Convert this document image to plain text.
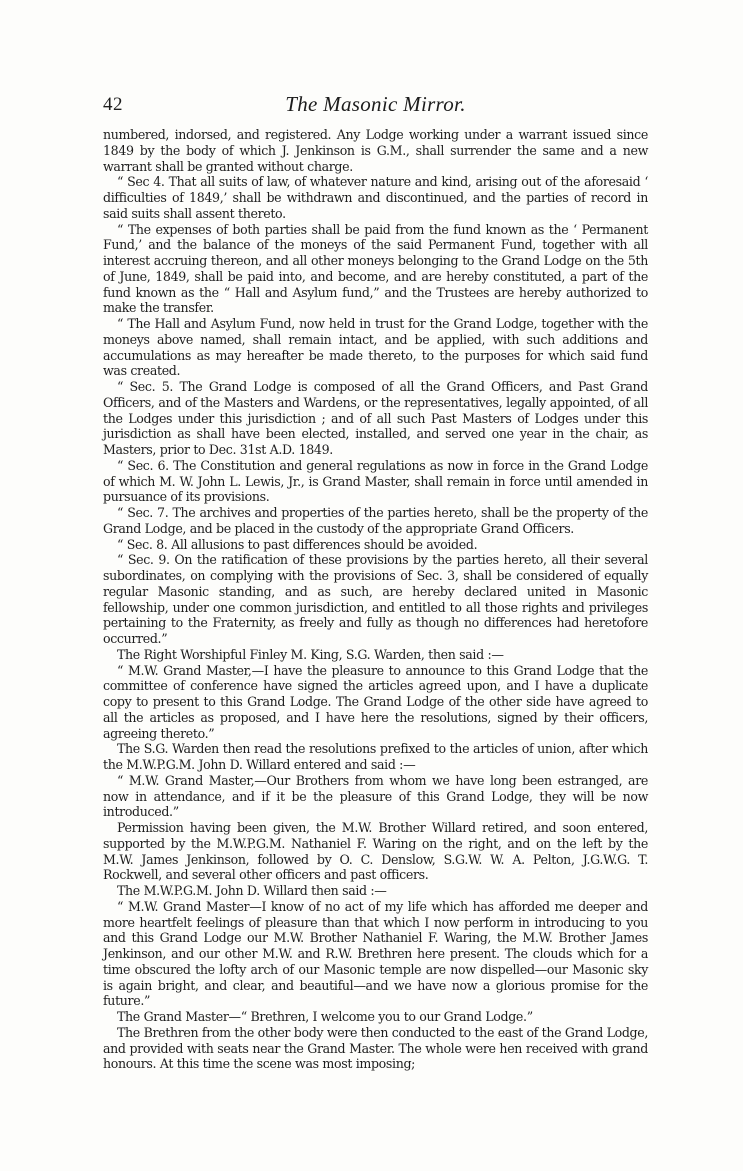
42	The Masonic Mirror.

numbered, indorsed, and registered. Any Lodge working under a warrant issued since 1849 by the body of which J. Jenkinson is G.M., shall surrender the same and a new warrant shall be granted without charge.

“ Sec 4. That all suits of law, of whatever nature and kind, arising out of the aforesaid ‘ difficulties of 1849,’ shall be withdrawn and discontinued, and the parties of record in said suits shall assent thereto.

“ The expenses of both parties shall be paid from the fund known as the ‘ Permanent Fund,’ and the balance of the moneys of the said Permanent Fund, together with all interest accruing thereon, and all other moneys belonging to the Grand Lodge on the 5th of June, 1849, shall be paid into, and become, and are hereby constituted, a part of the fund known as the “ Hall and Asylum fund,” and the Trustees are hereby authorized to make the transfer.

“ The Hall and Asylum Fund, now held in trust for the Grand Lodge, together with the moneys above named, shall remain intact, and be applied, with such additions and accumulations as may hereafter be made thereto, to the purposes for which said fund was created.

“ Sec. 5. The Grand Lodge is composed of all the Grand Officers, and Past Grand Officers, and of the Masters and Wardens, or the representatives, legally appointed, of all the Lodges under this jurisdiction ; and of all such Past Masters of Lodges under this jurisdiction as shall have been elected, installed, and served one year in the chair, as Masters, prior to Dec. 31st A.D. 1849.

“ Sec. 6. The Constitution and general regulations as now in force in the Grand Lodge of which M. W. John L. Lewis, Jr., is Grand Master, shall remain in force until amended in pursuance of its provisions.

“ Sec. 7. The archives and properties of the parties hereto, shall be the property of the Grand Lodge, and be placed in the custody of the appropriate Grand Officers.

“ Sec. 8. All allusions to past differences should be avoided.

“ Sec. 9. On the ratification of these provisions by the parties hereto, all their several subordinates, on complying with the provisions of Sec. 3, shall be considered of equally regular Masonic standing, and as such, are hereby declared united in Masonic fellowship, under one common jurisdiction, and entitled to all those rights and privileges pertaining to the Fraternity, as freely and fully as though no differences had heretofore occurred.”

The Right Worshipful Finley M. King, S.G. Warden, then said :—

“ M.W. Grand Master,—I have the pleasure to announce to this Grand Lodge that the committee of conference have signed the articles agreed upon, and I have a duplicate copy to present to this Grand Lodge. The Grand Lodge of the other side have agreed to all the articles as proposed, and I have here the resolutions, signed by their officers, agreeing thereto.”

The S.G. Warden then read the resolutions prefixed to the articles of union, after which the M.W.P.G.M. John D. Willard entered and said :—

“ M.W. Grand Master,—Our Brothers from whom we have long been estranged, are now in attendance, and if it be the pleasure of this Grand Lodge, they will be now introduced.”

Permission having been given, the M.W. Brother Willard retired, and soon entered, supported by the M.W.P.G.M. Nathaniel F. Waring on the right, and on the left by the M.W. James Jenkinson, followed by O. C. Denslow, S.G.W. W. A. Pelton, J.G.W.G. T. Rockwell, and several other officers and past officers.

The M.W.P.G.M. John D. Willard then said :—

“ M.W. Grand Master—I know of no act of my life which has afforded me deeper and more heartfelt feelings of pleasure than that which I now perform in introducing to you and this Grand Lodge our M.W. Brother Nathaniel F. Waring, the M.W. Brother James Jenkinson, and our other M.W. and R.W. Brethren here present. The clouds which for a time obscured the lofty arch of our Masonic temple are now dispelled—our Masonic sky is again bright, and clear, and beautiful—and we have now a glorious promise for the future.”

The Grand Master—“ Brethren, I welcome you to our Grand Lodge.”

The Brethren from the other body were then conducted to the east of the Grand Lodge, and provided with seats near the Grand Master. The whole were hen received with grand honours. At this time the scene was most imposing;
